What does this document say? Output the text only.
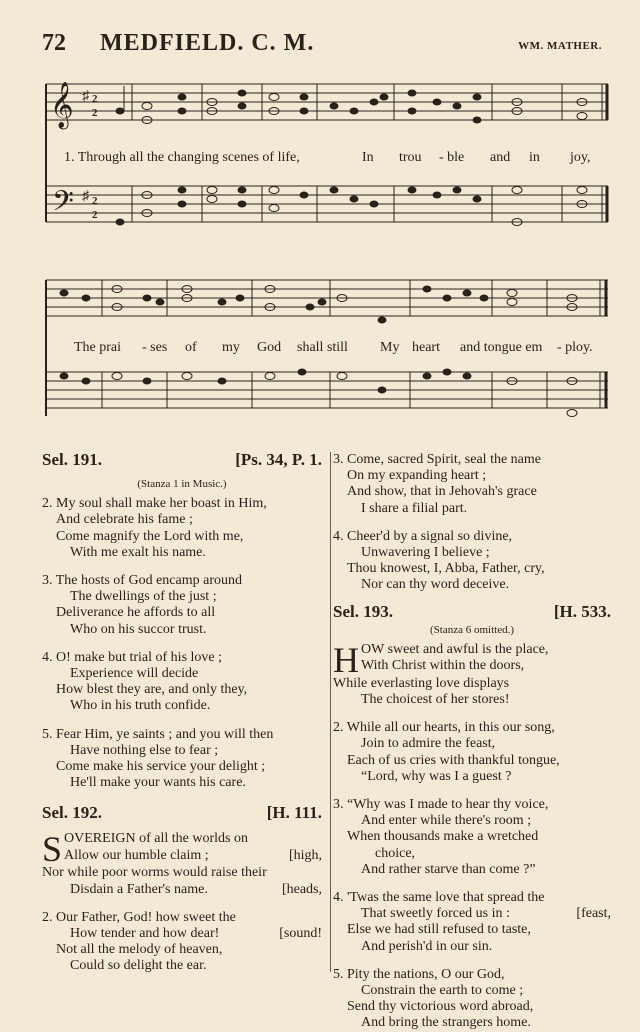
72 MEDFIELD. C. M.	WM. MATHER.
𝄞
𝄢
♯
♯
2
2
2
2
1. Through all the changing scenes of life,	In trou - ble and in joy,
The prai - ses of my God shall still My heart and tongue em - ploy.
Sel. 191.	[Ps. 34, P. 1.
(Stanza 1 in Music.)
2. My soul shall make her boast in Him,
And celebrate his fame ;
Come magnify the Lord with me,
With me exalt his name.
3. The hosts of God encamp around
The dwellings of the just ;
Deliverance he affords to all
Who on his succor trust.
4. O! make but trial of his love ;
Experience will decide
How blest they are, and only they,
Who in his truth confide.
5. Fear Him, ye saints ; and you will then
Have nothing else to fear ;
Come make his service your delight ;
He'll make your wants his care.
Sel. 192.	[H. 111.
S OVEREIGN of all the worlds on
Allow our humble claim ;	[high,
Nor while poor worms would raise their
Disdain a Father's name.	[heads,
2. Our Father, God! how sweet the
How tender and how dear!	[sound!
Not all the melody of heaven,
Could so delight the ear.
3. Come, sacred Spirit, seal the name
On my expanding heart ;
And show, that in Jehovah's grace
I share a filial part.
4. Cheer'd by a signal so divine,
Unwavering I believe ;
Thou knowest, I, Abba, Father, cry,
Nor can thy word deceive.
Sel. 193.	[H. 533.
(Stanza 6 omitted.)
H OW sweet and awful is the place,
With Christ within the doors,
While everlasting love displays
The choicest of her stores!
2. While all our hearts, in this our song,
Join to admire the feast,
Each of us cries with thankful tongue,
“Lord, why was I a guest ?
3. “Why was I made to hear thy voice,
And enter while there's room ;
When thousands make a wretched
choice,
And rather starve than come ?”
4. 'Twas the same love that spread the
That sweetly forced us in :	[feast,
Else we had still refused to taste,
And perish'd in our sin.
5. Pity the nations, O our God,
Constrain the earth to come ;
Send thy victorious word abroad,
And bring the strangers home.
